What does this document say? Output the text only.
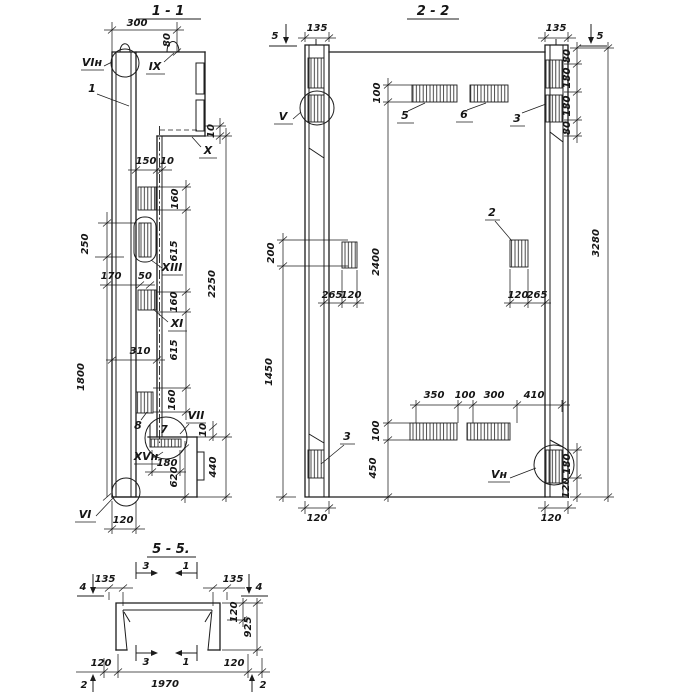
1 - 1
300
80
10
150 10
250
1800
170 50
160
615
160
615
160
2250
440
310
10
180
620
120
VIн
1
IX
X
XIII
XI
8 7
VII
XVн
VI
2 - 2
135	135
5	5
80
180
180
80
3280
100
2400
100
450
200
1450
265
120	120
265
350 100 300 410
180
120
120	120
V	5	6	3
2
3
Vн
5 - 5.
135	135
120
925
120	120
1970
4	4
3	1
3	1
2	2
